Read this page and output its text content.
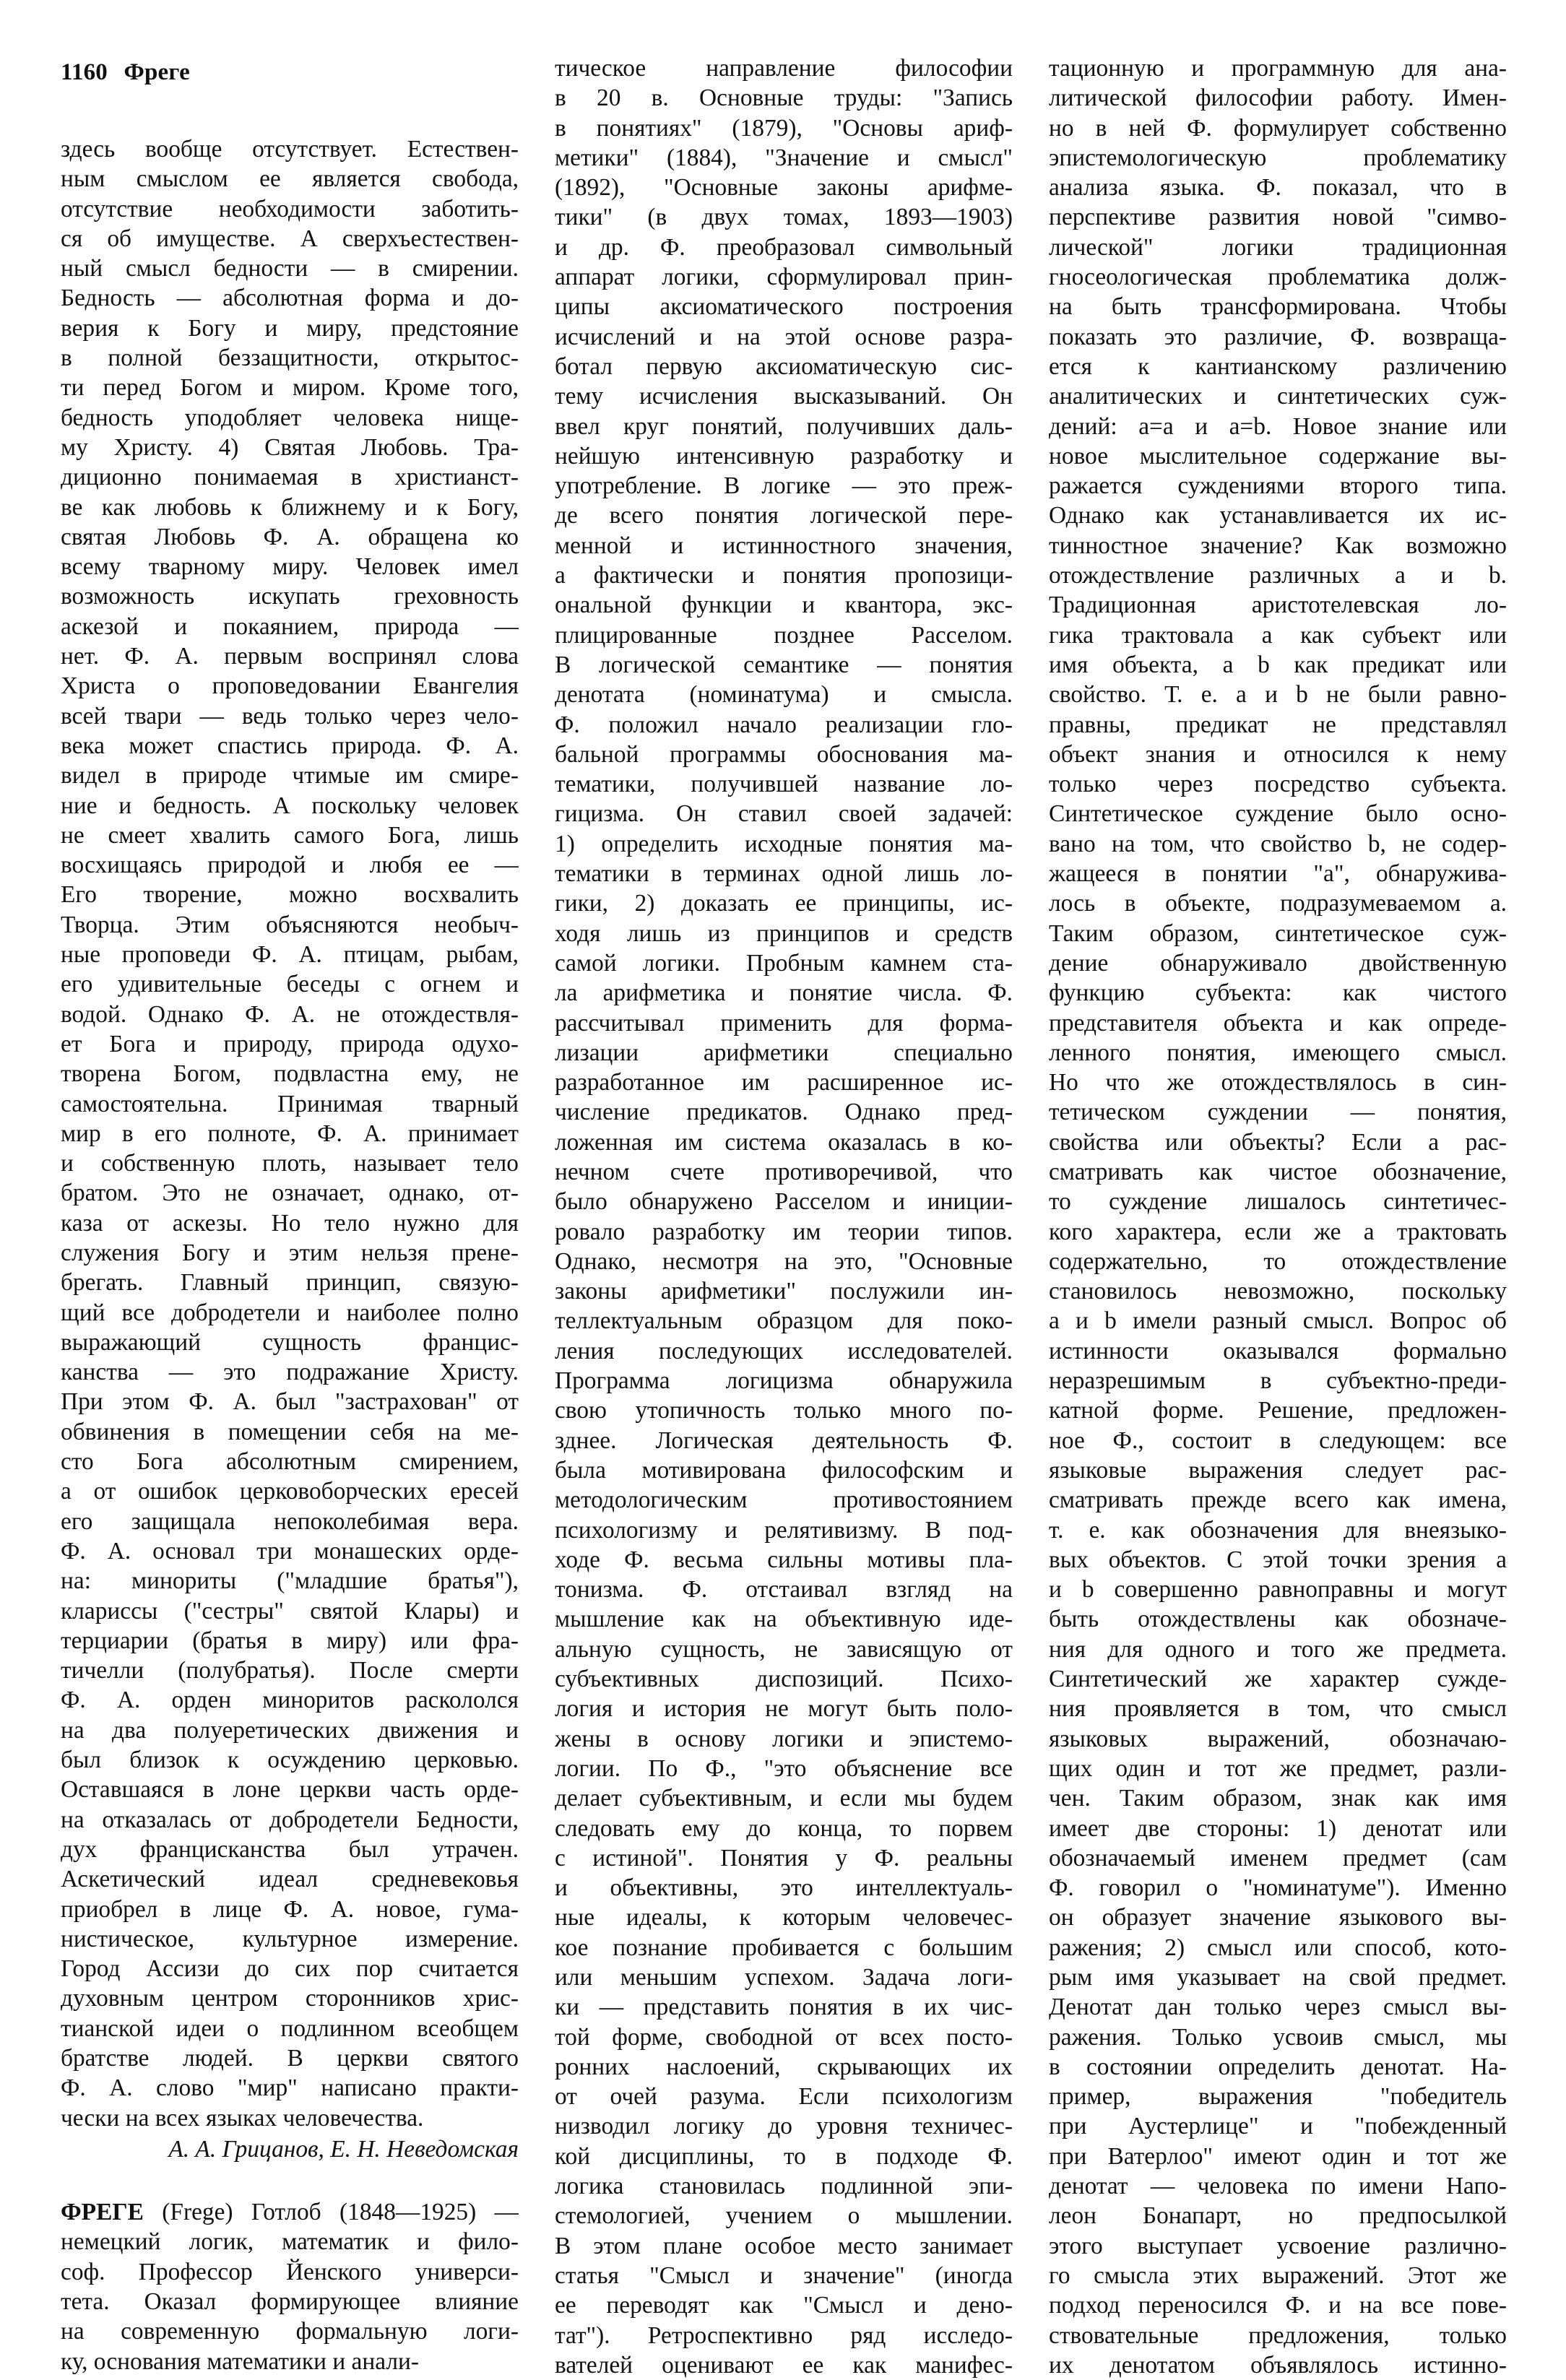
1160 Фреге
здесь вообще отсутствует. Естествен-
ным смыслом ее является свобода,
отсутствие необходимости заботить-
ся об имуществе. А сверхъестествен-
ный смысл бедности — в смирении.
Бедность — абсолютная форма и до-
верия к Богу и миру, предстояние
в полной беззащитности, открытос-
ти перед Богом и миром. Кроме того,
бедность уподобляет человека нище-
му Христу. 4) Святая Любовь. Тра-
диционно понимаемая в христианст-
ве как любовь к ближнему и к Богу,
святая Любовь Ф. А. обращена ко
всему тварному миру. Человек имел
возможность искупать греховность
аскезой и покаянием, природа —
нет. Ф. А. первым воспринял слова
Христа о проповедовании Евангелия
всей твари — ведь только через чело-
века может спастись природа. Ф. А.
видел в природе чтимые им смире-
ние и бедность. А поскольку человек
не смеет хвалить самого Бога, лишь
восхищаясь природой и любя ее —
Его творение, можно восхвалить
Творца. Этим объясняются необыч-
ные проповеди Ф. А. птицам, рыбам,
его удивительные беседы с огнем и
водой. Однако Ф. А. не отождествля-
ет Бога и природу, природа одухо-
творена Богом, подвластна ему, не
самостоятельна. Принимая тварный
мир в его полноте, Ф. А. принимает
и собственную плоть, называет тело
братом. Это не означает, однако, от-
каза от аскезы. Но тело нужно для
служения Богу и этим нельзя прене-
брегать. Главный принцип, связую-
щий все добродетели и наиболее полно
выражающий сущность францис-
канства — это подражание Христу.
При этом Ф. А. был "застрахован" от
обвинения в помещении себя на ме-
сто Бога абсолютным смирением,
а от ошибок церковоборческих ересей
его защищала непоколебимая вера.
Ф. А. основал три монашеских орде-
на: минориты ("младшие братья"),
клариссы ("сестры" святой Клары) и
терциарии (братья в миру) или фра-
тичелли (полубратья). После смерти
Ф. А. орден миноритов раскололся
на два полуеретических движения и
был близок к осуждению церковью.
Оставшаяся в лоне церкви часть орде-
на отказалась от добродетели Бедности,
дух францисканства был утрачен.
Аскетический идеал средневековья
приобрел в лице Ф. А. новое, гума-
нистическое, культурное измерение.
Город Ассизи до сих пор считается
духовным центром сторонников хрис-
тианской идеи о подлинном всеобщем
братстве людей. В церкви святого
Ф. А. слово "мир" написано практи-
чески на всех языках человечества.
А. А. Грицанов, Е. Н. Неведомская
ФРЕГЕ (Frege) Готлоб (1848—1925) —
немецкий логик, математик и фило-
соф. Профессор Йенского универси-
тета. Оказал формирующее влияние
на современную формальную логи-
ку, основания математики и анали-
тическое направление философии
в 20 в. Основные труды: "Запись
в понятиях" (1879), "Основы ариф-
метики" (1884), "Значение и смысл"
(1892), "Основные законы арифме-
тики" (в двух томах, 1893—1903)
и др. Ф. преобразовал символьный
аппарат логики, сформулировал прин-
ципы аксиоматического построения
исчислений и на этой основе разра-
ботал первую аксиоматическую сис-
тему исчисления высказываний. Он
ввел круг понятий, получивших даль-
нейшую интенсивную разработку и
употребление. В логике — это преж-
де всего понятия логической пере-
менной и истинностного значения,
а фактически и понятия пропозици-
ональной функции и квантора, экс-
плицированные позднее Расселом.
В логической семантике — понятия
денотата (номинатума) и смысла.
Ф. положил начало реализации гло-
бальной программы обоснования ма-
тематики, получившей название ло-
гицизма. Он ставил своей задачей:
1) определить исходные понятия ма-
тематики в терминах одной лишь ло-
гики, 2) доказать ее принципы, ис-
ходя лишь из принципов и средств
самой логики. Пробным камнем ста-
ла арифметика и понятие числа. Ф.
рассчитывал применить для форма-
лизации арифметики специально
разработанное им расширенное ис-
числение предикатов. Однако пред-
ложенная им система оказалась в ко-
нечном счете противоречивой, что
было обнаружено Расселом и иниции-
ровало разработку им теории типов.
Однако, несмотря на это, "Основные
законы арифметики" послужили ин-
теллектуальным образцом для поко-
ления последующих исследователей.
Программа логицизма обнаружила
свою утопичность только много по-
зднее. Логическая деятельность Ф.
была мотивирована философским и
методологическим противостоянием
психологизму и релятивизму. В под-
ходе Ф. весьма сильны мотивы пла-
тонизма. Ф. отстаивал взгляд на
мышление как на объективную иде-
альную сущность, не зависящую от
субъективных диспозиций. Психо-
логия и история не могут быть поло-
жены в основу логики и эпистемо-
логии. По Ф., "это объяснение все
делает субъективным, и если мы будем
следовать ему до конца, то порвем
с истиной". Понятия у Ф. реальны
и объективны, это интеллектуаль-
ные идеалы, к которым человечес-
кое познание пробивается с большим
или меньшим успехом. Задача логи-
ки — представить понятия в их чис-
той форме, свободной от всех посто-
ронних наслоений, скрывающих их
от очей разума. Если психологизм
низводил логику до уровня техничес-
кой дисциплины, то в подходе Ф.
логика становилась подлинной эпи-
стемологией, учением о мышлении.
В этом плане особое место занимает
статья "Смысл и значение" (иногда
ее переводят как "Смысл и дено-
тат"). Ретроспективно ряд исследо-
вателей оценивают ее как манифес-
тационную и программную для ана-
литической философии работу. Имен-
но в ней Ф. формулирует собственно
эпистемологическую проблематику
анализа языка. Ф. показал, что в
перспективе развития новой "симво-
лической" логики традиционная
гносеологическая проблематика долж-
на быть трансформирована. Чтобы
показать это различие, Ф. возвраща-
ется к кантианскому различению
аналитических и синтетических суж-
дений: a=a и a=b. Новое знание или
новое мыслительное содержание вы-
ражается суждениями второго типа.
Однако как устанавливается их ис-
тинностное значение? Как возможно
отождествление различных a и b.
Традиционная аристотелевская ло-
гика трактовала a как субъект или
имя объекта, a b как предикат или
свойство. Т. е. a и b не были равно-
правны, предикат не представлял
объект знания и относился к нему
только через посредство субъекта.
Синтетическое суждение было осно-
вано на том, что свойство b, не содер-
жащееся в понятии "a", обнаружива-
лось в объекте, подразумеваемом a.
Таким образом, синтетическое суж-
дение обнаруживало двойственную
функцию субъекта: как чистого
представителя объекта и как опреде-
ленного понятия, имеющего смысл.
Но что же отождествлялось в син-
тетическом суждении — понятия,
свойства или объекты? Если а рас-
сматривать как чистое обозначение,
то суждение лишалось синтетичес-
кого характера, если же а трактовать
содержательно, то отождествление
становилось невозможно, поскольку
a и b имели разный смысл. Вопрос об
истинности оказывался формально
неразрешимым в субъектно-преди-
катной форме. Решение, предложен-
ное Ф., состоит в следующем: все
языковые выражения следует рас-
сматривать прежде всего как имена,
т. е. как обозначения для внеязыко-
вых объектов. С этой точки зрения a
и b совершенно равноправны и могут
быть отождествлены как обозначе-
ния для одного и того же предмета.
Синтетический же характер сужде-
ния проявляется в том, что смысл
языковых выражений, обозначаю-
щих один и тот же предмет, разли-
чен. Таким образом, знак как имя
имеет две стороны: 1) денотат или
обозначаемый именем предмет (сам
Ф. говорил о "номинатуме"). Именно
он образует значение языкового вы-
ражения; 2) смысл или способ, кото-
рым имя указывает на свой предмет.
Денотат дан только через смысл вы-
ражения. Только усвоив смысл, мы
в состоянии определить денотат. На-
пример, выражения "победитель
при Аустерлице" и "побежденный
при Ватерлоо" имеют один и тот же
денотат — человека по имени Напо-
леон Бонапарт, но предпосылкой
этого выступает усвоение различно-
го смысла этих выражений. Этот же
подход переносился Ф. и на все пове-
ствовательные предложения, только
их денотатом объявлялось истинно-
